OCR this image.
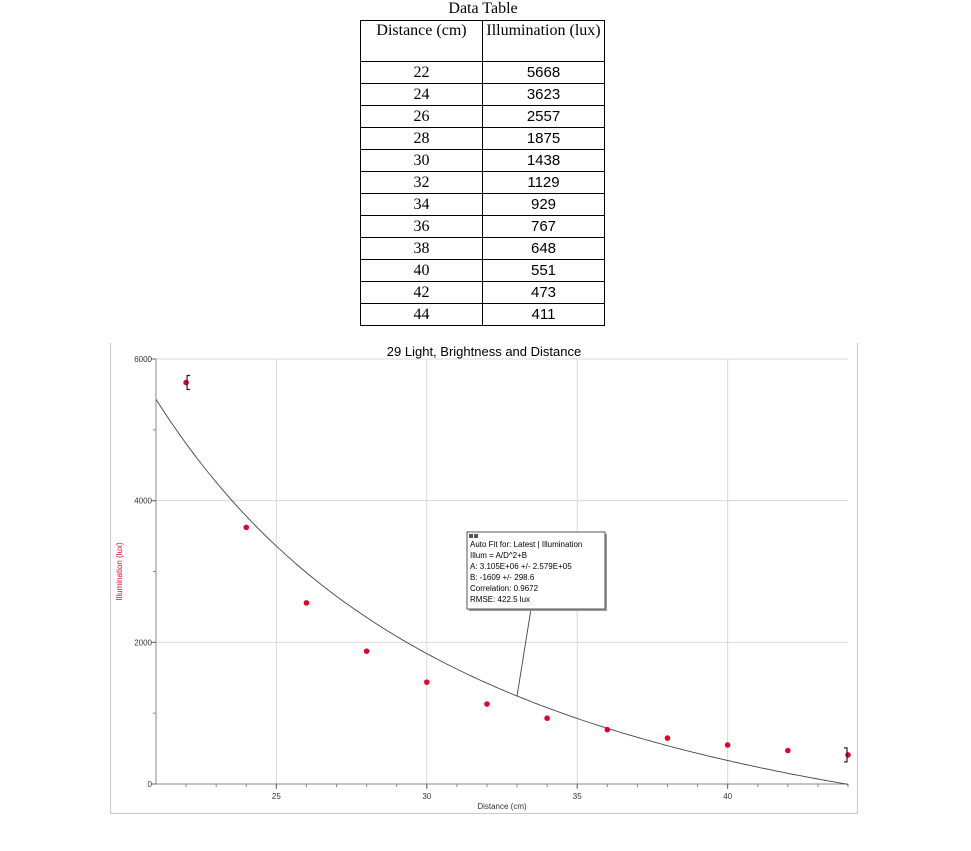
Data Table
Distance (cm)	Illumination (lux)
22	5668
24	3623
26	2557
28	1875
30	1438
32	1129
34	929
36	767
38	648
40	551
42	473
44	411
29 Light, Brightness and Distance
25	30	35	40
0
2000
4000
6000
Distance (cm)
Illumination (lux)	Auto Fit for: Latest | Illumination
Illum = A/D^2+B
A: 3.105E+06 +/- 2.579E+05
B: -1609 +/- 298.6
Correlation: 0.9672
RMSE: 422.5 lux
